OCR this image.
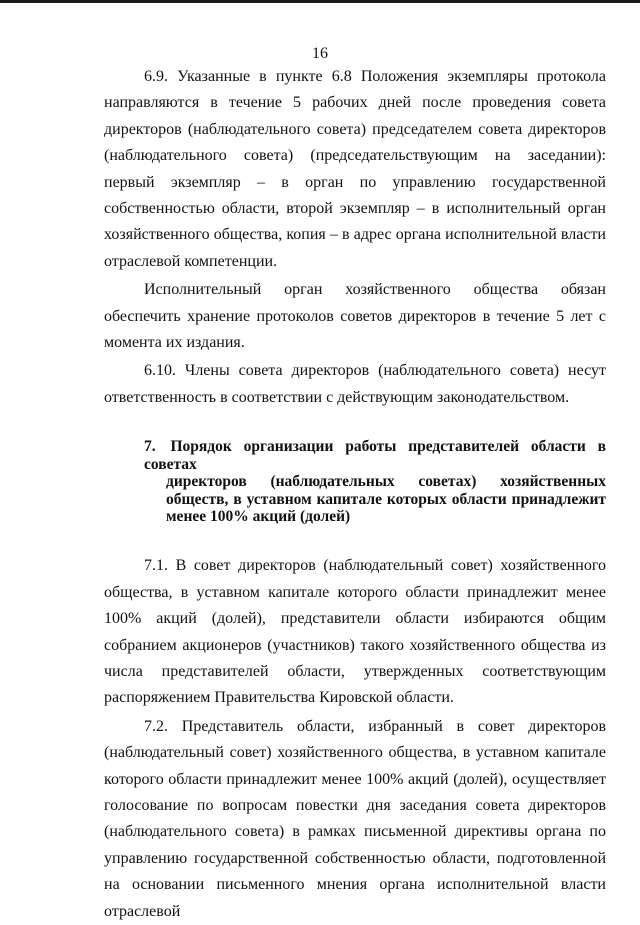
16

6.9. Указанные в пункте 6.8 Положения экземпляры протокола направляются в течение 5 рабочих дней после проведения совета директоров (наблюдательного совета) председателем совета директоров (наблюдательного совета) (председательствующим на заседании): первый экземпляр – в орган по управлению государственной собственностью области, второй экземпляр – в исполнительный орган хозяйственного общества, копия – в адрес органа исполнительной власти отраслевой компетенции.

Исполнительный орган хозяйственного общества обязан обеспечить хранение протоколов советов директоров в течение 5 лет с момента их издания.

6.10. Члены совета директоров (наблюдательного совета) несут ответственность в соответствии с действующим законодательством.

7. Порядок организации работы представителей области в советах
директоров (наблюдательных советах) хозяйственных обществ, в уставном капитале которых области принадлежит менее 100% акций (долей)

7.1. В совет директоров (наблюдательный совет) хозяйственного общества, в уставном капитале которого области принадлежит менее 100% акций (долей), представители области избираются общим собранием акционеров (участников) такого хозяйственного общества из числа представителей области, утвержденных соответствующим распоряжением Правительства Кировской области.

7.2. Представитель области, избранный в совет директоров (наблюдательный совет) хозяйственного общества, в уставном капитале которого области принадлежит менее 100% акций (долей), осуществляет голосование по вопросам повестки дня заседания совета директоров (наблюдательного совета) в рамках письменной директивы органа по управлению государственной собственностью области, подготовленной на основании письменного мнения органа исполнительной власти отраслевой
